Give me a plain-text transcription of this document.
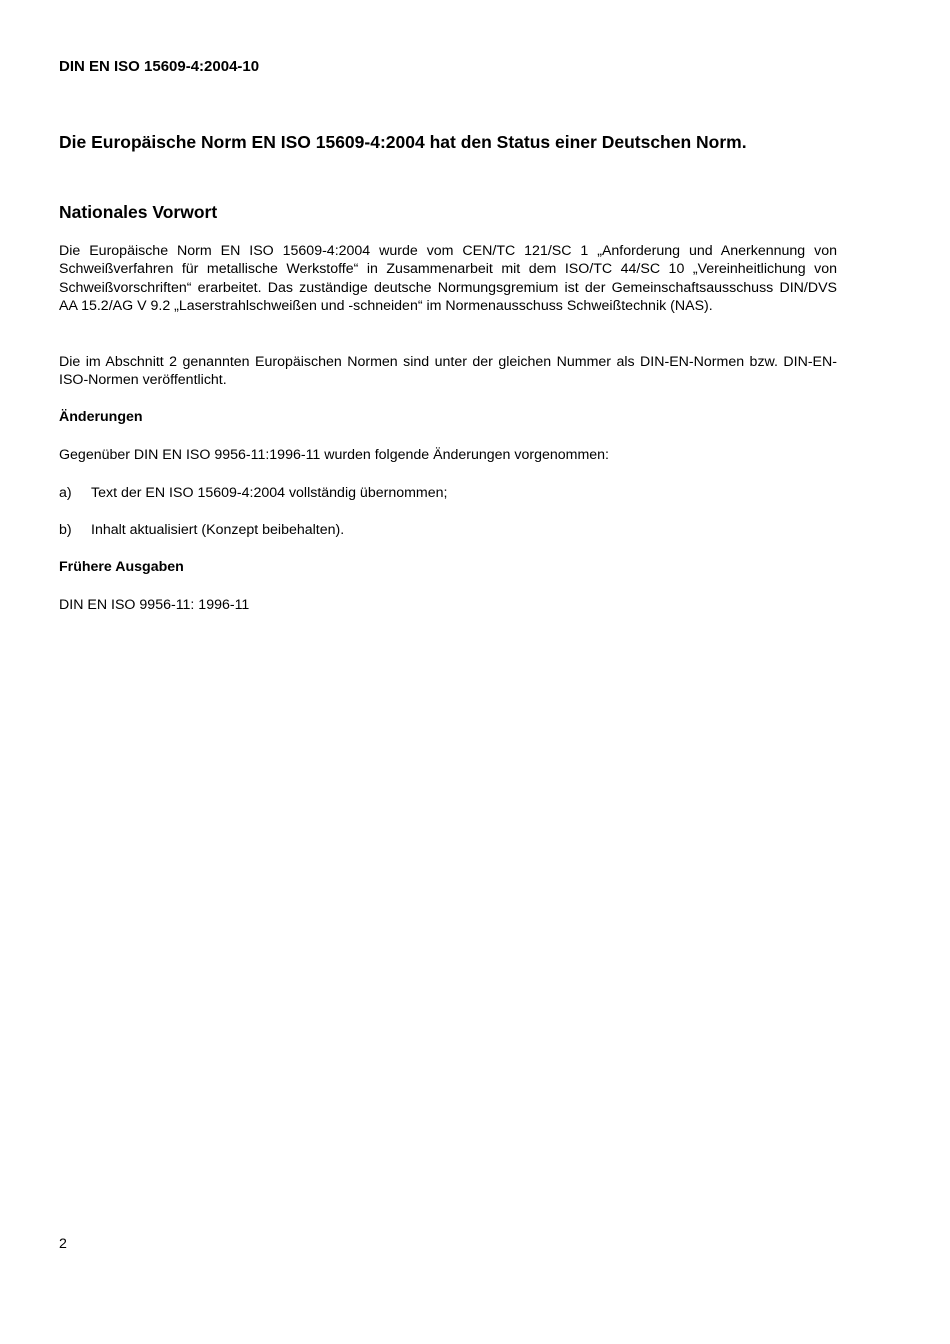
DIN EN ISO 15609-4:2004-10
Die Europäische Norm EN ISO 15609-4:2004 hat den Status einer Deutschen Norm.
Nationales Vorwort

Die Europäische Norm EN ISO 15609-4:2004 wurde vom CEN/TC 121/SC 1 „Anforderung und Anerkennung von Schweißverfahren für metallische Werkstoffe“ in Zusammenarbeit mit dem ISO/TC 44/SC 10 „Vereinheitlichung von Schweißvorschriften“ erarbeitet. Das zuständige deutsche Normungsgremium ist der Gemeinschaftsausschuss DIN/DVS AA 15.2/AG V 9.2 „Laserstrahlschweißen und -schneiden“ im Normenausschuss Schweißtechnik (NAS).

Die im Abschnitt 2 genannten Europäischen Normen sind unter der gleichen Nummer als DIN-EN-Normen bzw. DIN-EN-ISO-Normen veröffentlicht.

Änderungen
Gegenüber DIN EN ISO 9956-11:1996-11 wurden folgende Änderungen vorgenommen:
a) Text der EN ISO 15609-4:2004 vollständig übernommen;
b) Inhalt aktualisiert (Konzept beibehalten).
Frühere Ausgaben
DIN EN ISO 9956-11: 1996-11
2
